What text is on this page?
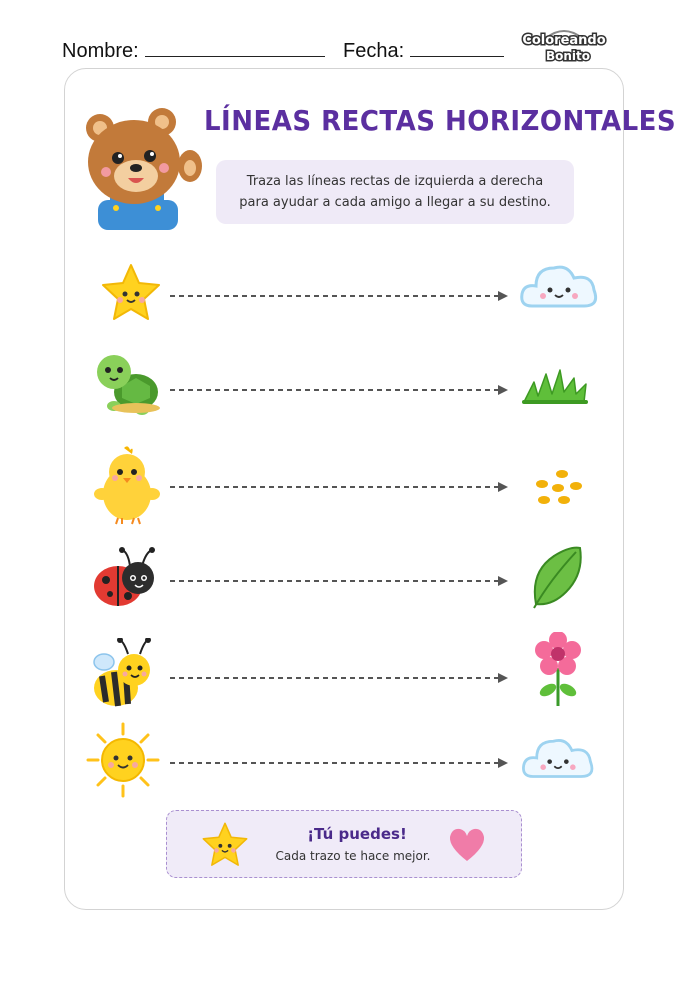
Nombre:	Fecha:	Coloreando
Bonito
LÍNEAS RECTAS HORIZONTALES
Traza las líneas rectas de izquierda a derecha
para ayudar a cada amigo a llegar a su destino.
¡Tú puedes!
Cada trazo te hace mejor.
